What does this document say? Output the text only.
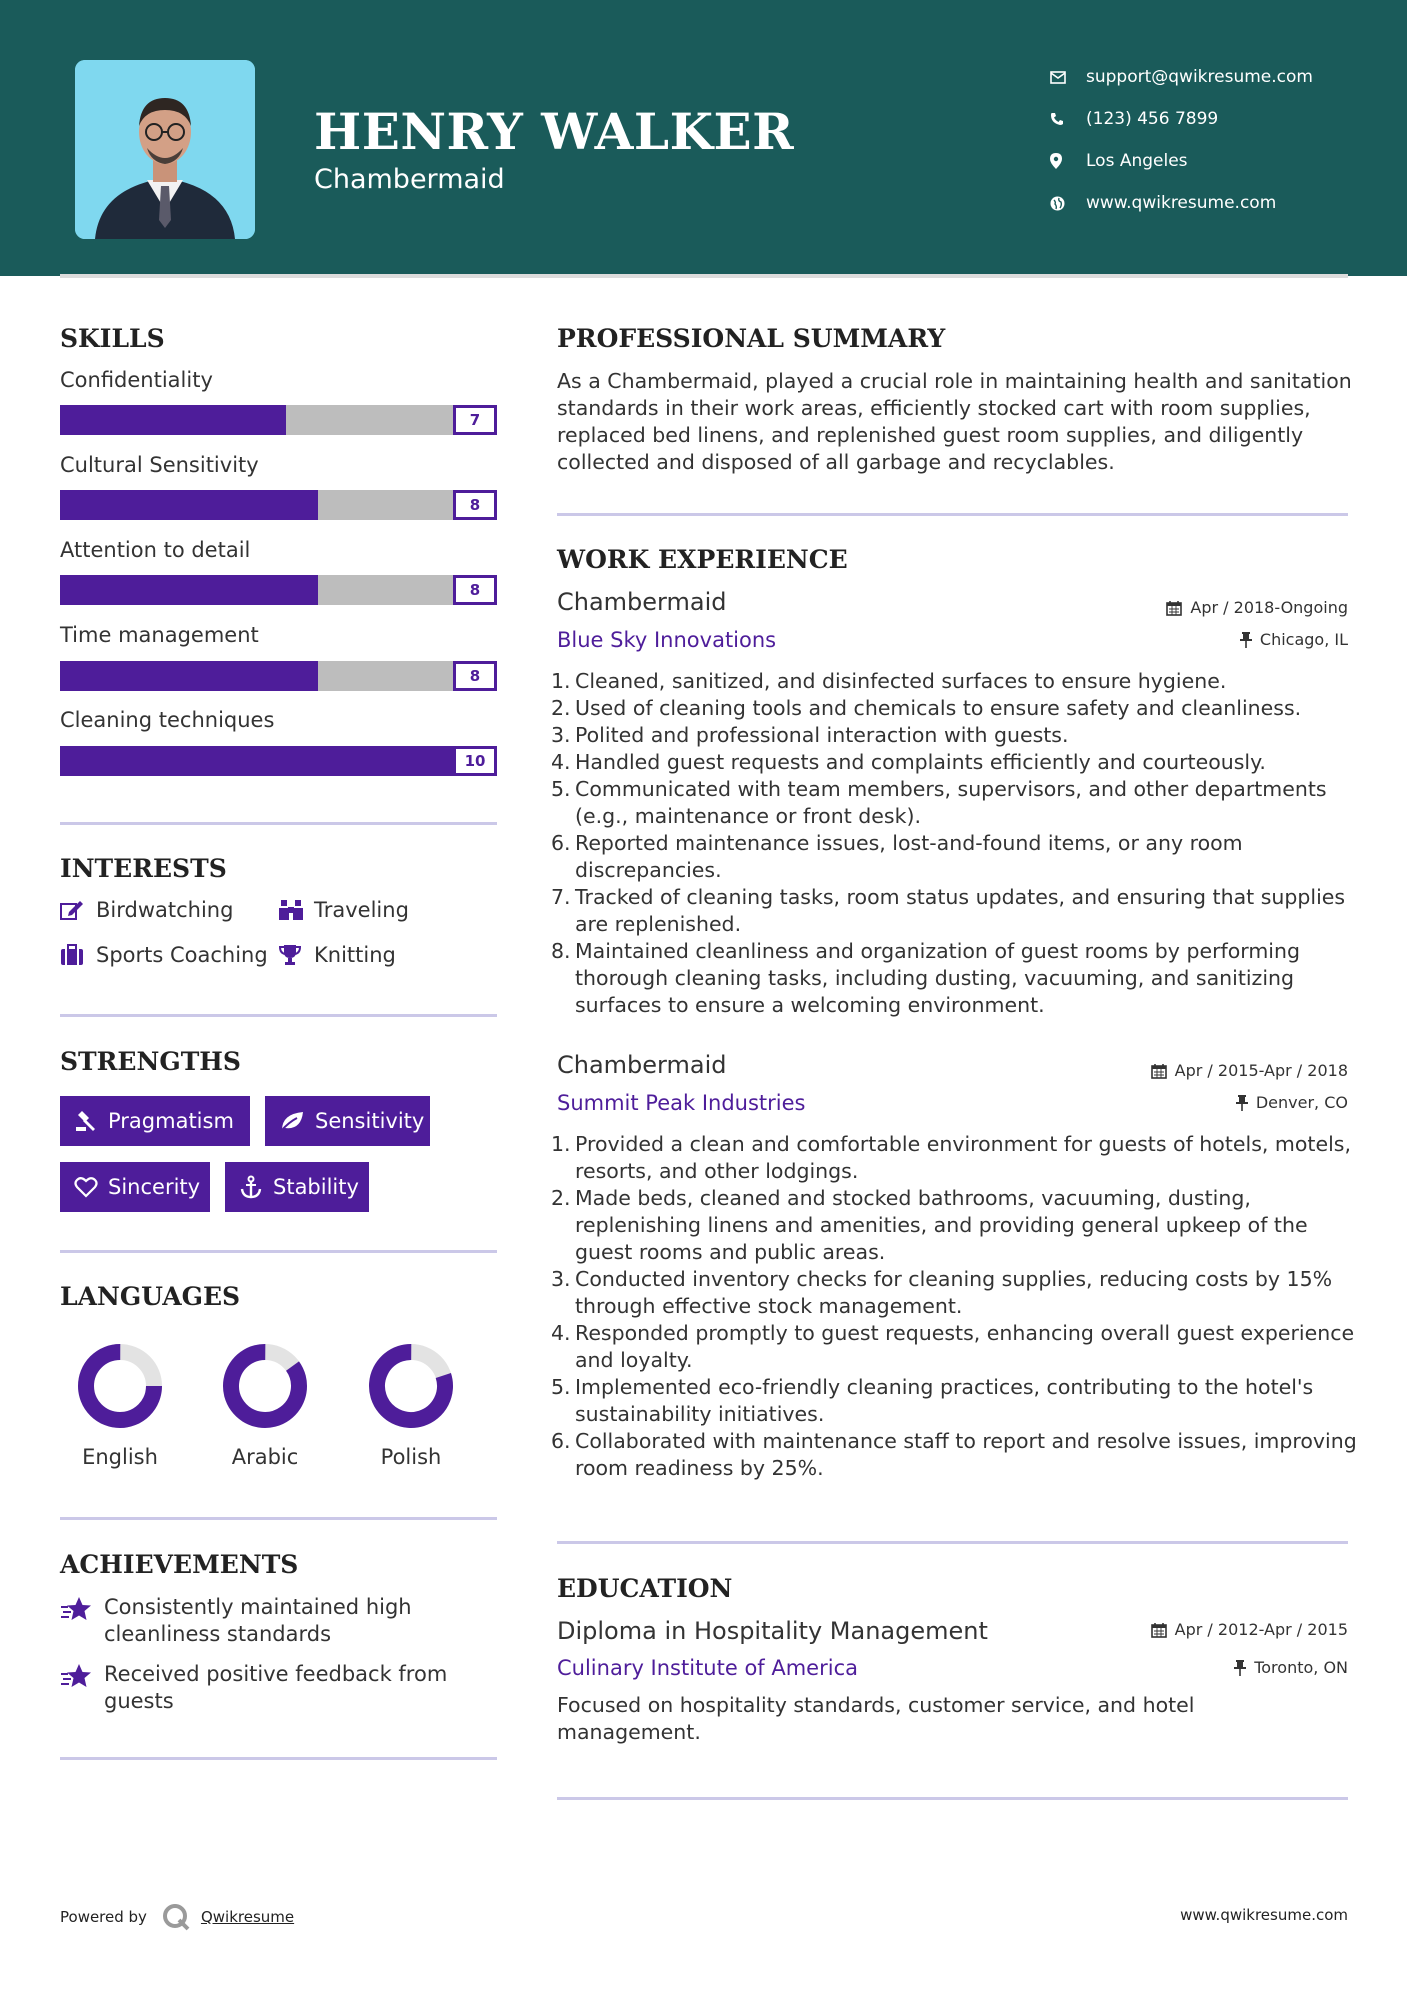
HENRY WALKER
Chambermaid
support@qwikresume.com
(123) 456 7899
Los Angeles
www.qwikresume.com
SKILLS
Confidentiality
7
Cultural Sensitivity
8
Attention to detail
8
Time management
8
Cleaning techniques
10
INTERESTS
Birdwatching	Traveling
Sports Coaching Knitting
STRENGTHS
Pragmatism	Sensitivity
Sincerity	Stability
LANGUAGES
English	Arabic	Polish
ACHIEVEMENTS
Consistently maintained high cleanliness standards
Received positive feedback from guests
PROFESSIONAL SUMMARY
As a Chambermaid, played a crucial role in maintaining health and sanitation standards in their work areas, efficiently stocked cart with room supplies, replaced bed linens, and replenished guest room supplies, and diligently collected and disposed of all garbage and recyclables.
WORK EXPERIENCE
Chambermaid	Apr / 2018-Ongoing
Blue Sky Innovations	Chicago, IL
1. Cleaned, sanitized, and disinfected surfaces to ensure hygiene.
2. Used of cleaning tools and chemicals to ensure safety and cleanliness.
3. Polited and professional interaction with guests.
4. Handled guest requests and complaints efficiently and courteously.
5. Communicated with team members, supervisors, and other departments (e.g., maintenance or front desk).
6. Reported maintenance issues, lost-and-found items, or any room discrepancies.
7. Tracked of cleaning tasks, room status updates, and ensuring that supplies are replenished.
8. Maintained cleanliness and organization of guest rooms by performing thorough cleaning tasks, including dusting, vacuuming, and sanitizing surfaces to ensure a welcoming environment.
Chambermaid	Apr / 2015-Apr / 2018
Summit Peak Industries	Denver, CO
1. Provided a clean and comfortable environment for guests of hotels, motels, resorts, and other lodgings.
2. Made beds, cleaned and stocked bathrooms, vacuuming, dusting, replenishing linens and amenities, and providing general upkeep of the guest rooms and public areas.
3. Conducted inventory checks for cleaning supplies, reducing costs by 15% through effective stock management.
4. Responded promptly to guest requests, enhancing overall guest experience and loyalty.
5. Implemented eco-friendly cleaning practices, contributing to the hotel's sustainability initiatives.
6. Collaborated with maintenance staff to report and resolve issues, improving room readiness by 25%.
EDUCATION
Diploma in Hospitality Management	Apr / 2012-Apr / 2015
Culinary Institute of America	Toronto, ON
Focused on hospitality standards, customer service, and hotel management.
Powered by	Qwikresume	www.qwikresume.com
